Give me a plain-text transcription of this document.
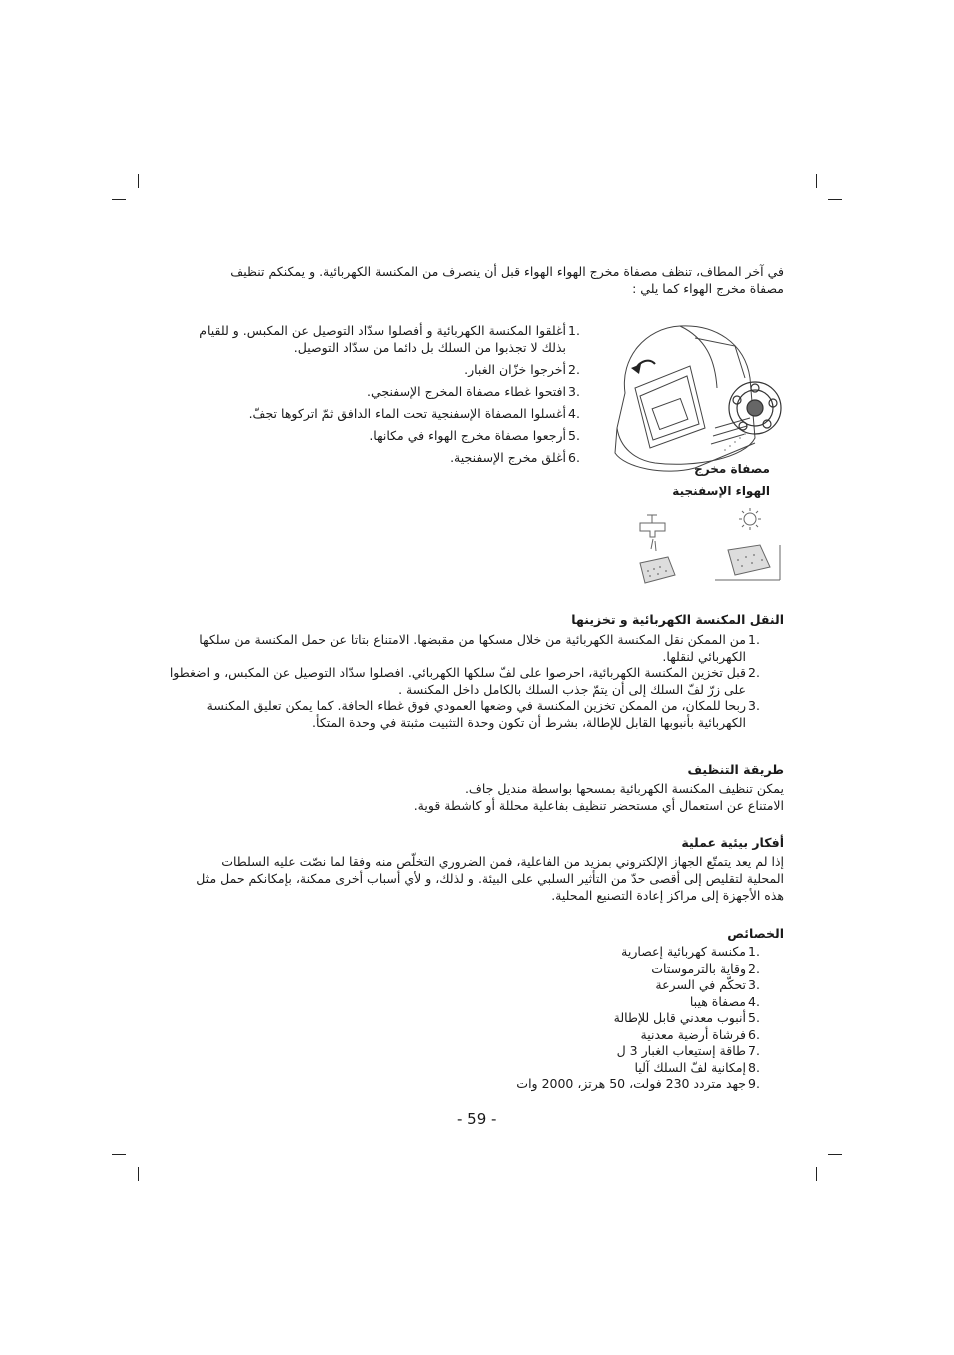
في آخر المطاف، تنظف مصفاة مخرج الهواء الهواء قبل أن ينصرف من المكنسة الكهربائية. و يمكنكم تنظيف مصفاة مخرج الهواء كما يلي :
1.
أغلقوا المكنسة الكهربائية و أفصلوا سدّاد التوصيل عن المكبس. و للقيام بذلك لا تجذبوا من السلك بل دائما من سدّاد التوصيل.
2.
أخرجوا خزّان الغبار.
3.
افتحوا غطاء مصفاة المخرج الإسفنجي.
4.
أغسلوا المصفاة الإسفنجية تحت الماء الدافق ثمّ اتركوها تجفّ.
5.
أرجعوا مصفاة مخرج الهواء في مكانها.
6.
أغلق مخرج الإسفنجية.
مصفاة مخرج
الهواء الإسفنجية
النقل المكنسة الكهربائية و تخزينها
1.
من الممكن نقل المكنسة الكهربائية من خلال مسكها من مقبضها. الامتناع بتاتا عن حمل المكنسة من سلكها الكهربائي لنقلها.
2.
قبل تخزين المكنسة الكهربائية، احرصوا على لفّ سلكها الكهربائي. افصلوا سدّاد التوصيل عن المكبس، و اضغطوا على زرّ لفّ السلك إلى أن يتمّ جذب السلك بالكامل داخل المكنسة .
3.
ربحا للمكان، من الممكن تخزين المكنسة في وضعها العمودي فوق غطاء الحافة. كما يمكن تعليق المكنسة الكهربائية بأنبوبها القابل للإطالة، بشرط أن تكون وحدة التثبيت مثبتة في وحدة المتكأ.
طريقة التنظيف
يمكن تنظيف المكنسة الكهربائية بمسحها بواسطة منديل جاف.
الامتناع عن استعمال أي مستحضر تنظيف بفاعلية محللة أو كاشطة قوية.
أفكار بيئية عملية
إذا لم يعد يتمتّع الجهاز الإلكتروني بمزيد من الفاعلية، فمن الضروري التخلّص منه وفقا لما نصّت عليه السلطات المحلية لتقليص إلى أقصى حدّ من التأثير السلبي على البيئة. و لذلك، و لأي أسباب أخرى ممكنة، بإمكانكم حمل مثل هذه الأجهزة إلى مراكز إعادة التصنيع المحلية.
الخصائص
1.
مكنسة كهربائية إعصارية
2.
وقاية بالترموستات
3.
تحكّم في السرعة
4.
مصفاة هيبا
5.
أنبوب معدني قابل للإطالة
6.
فرشاة أرضية معدنية
7.
طاقة إستيعاب الغبار 3 ل
8.
إمكانية لفّ السلك آليا
9.
جهد متردد 230 فولت، 50 هرتز، 2000 وات
- 59 -
